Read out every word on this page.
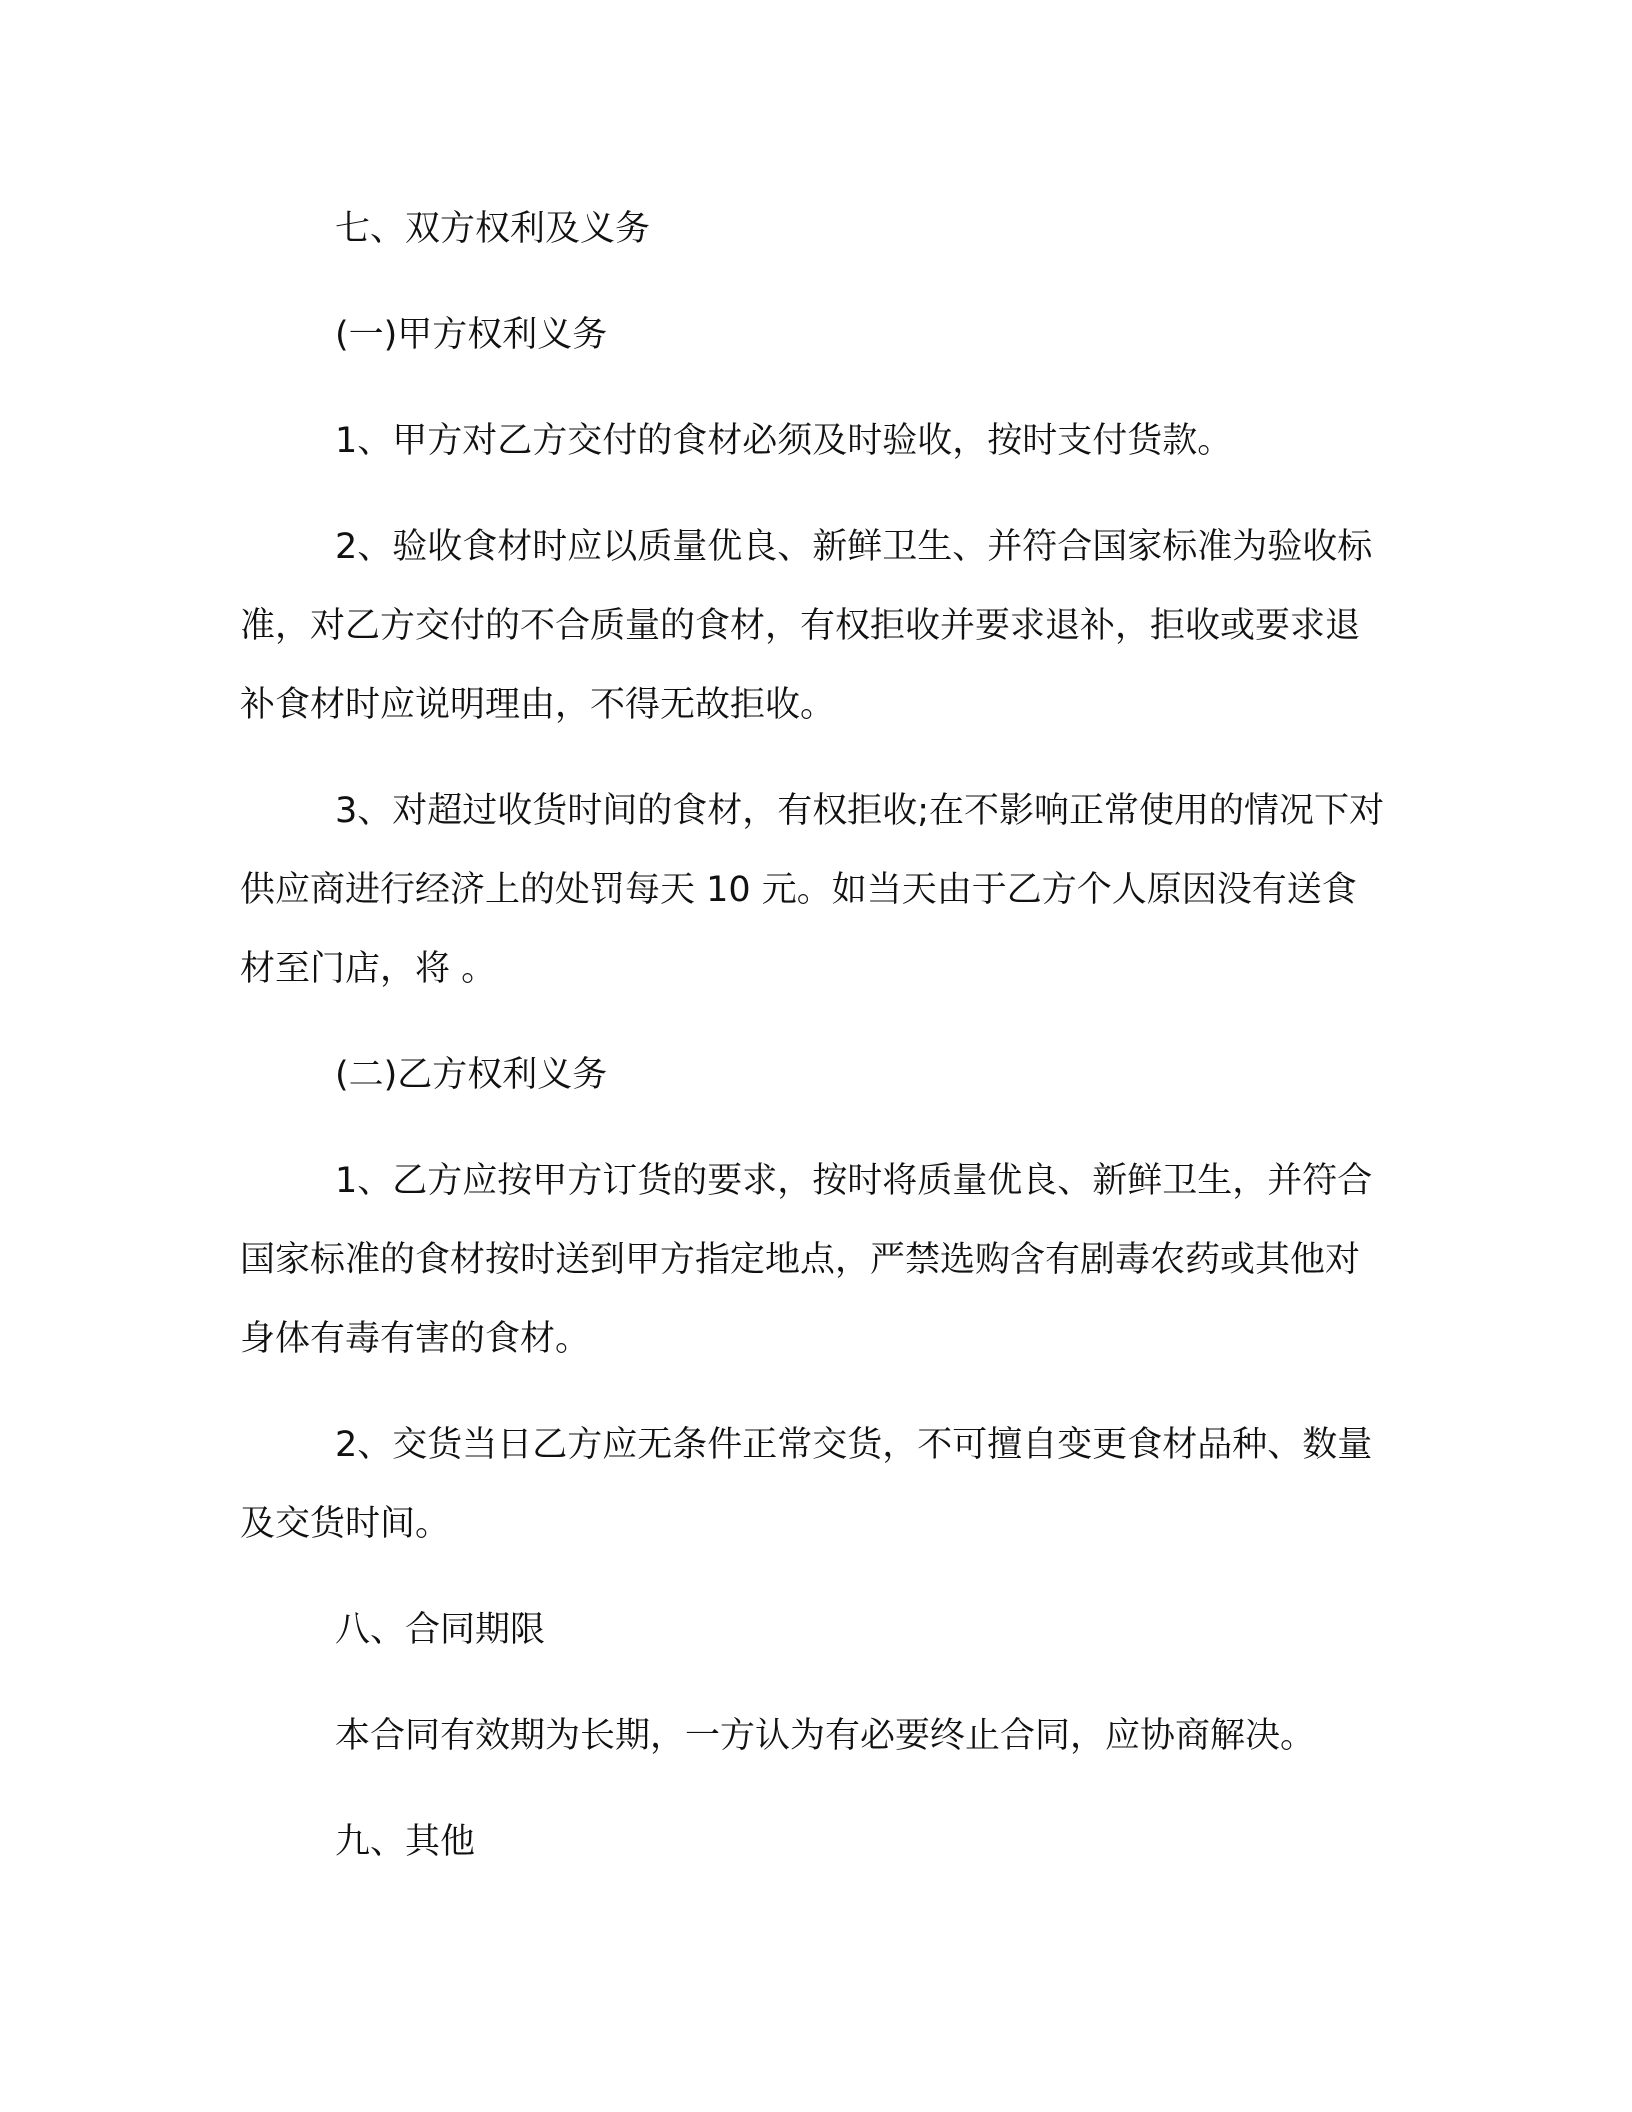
七、双方权利及义务

(一)甲方权利义务

1、甲方对乙方交付的食材必须及时验收，按时支付货款。

2、验收食材时应以质量优良、新鲜卫生、并符合国家标准为验收标准，对乙方交付的不合质量的食材，有权拒收并要求退补，拒收或要求退补食材时应说明理由，不得无故拒收。

3、对超过收货时间的食材，有权拒收;在不影响正常使用的情况下对供应商进行经济上的处罚每天 10 元。如当天由于乙方个人原因没有送食材至门店，将 。

(二)乙方权利义务

1、乙方应按甲方订货的要求，按时将质量优良、新鲜卫生，并符合国家标准的食材按时送到甲方指定地点，严禁选购含有剧毒农药或其他对身体有毒有害的食材。

2、交货当日乙方应无条件正常交货，不可擅自变更食材品种、数量及交货时间。

八、合同期限

本合同有效期为长期，一方认为有必要终止合同，应协商解决。

九、其他
